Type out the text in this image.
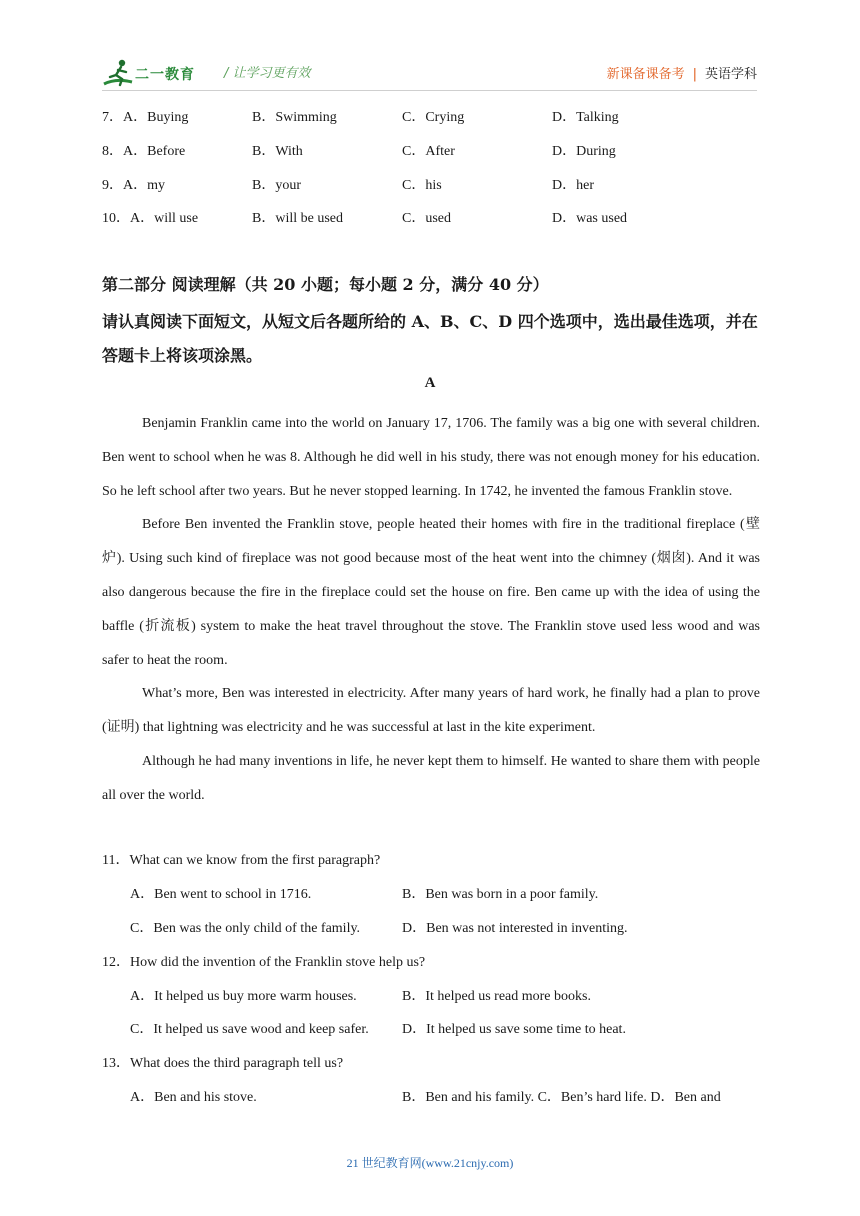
二一教育 / 让学习更有效	新课备课备考 | 英语学科
7．A．Buying	B．Swimming	C．Crying	D．Talking
8．A．Before	B．With	C．After	D．During
9．A．my	B．your	C．his	D．her
10．A．will use	B．will be used	C．used	D．was used
第二部分 阅读理解（共 20 小题；每小题 2 分，满分 40 分）
请认真阅读下面短文，从短文后各题所给的 A、B、C、D 四个选项中，选出最佳选项，并在答题卡上将该项涂黑。
A

Benjamin Franklin came into the world on January 17, 1706. The family was a big one with several children. Ben went to school when he was 8. Although he did well in his study, there was not enough money for his education. So he left school after two years. But he never stopped learning. In 1742, he invented the famous Franklin stove.

Before Ben invented the Franklin stove, people heated their homes with fire in the traditional fireplace (壁炉). Using such kind of fireplace was not good because most of the heat went into the chimney (烟囱). And it was also dangerous because the fire in the fireplace could set the house on fire. Ben came up with the idea of using the baffle (折流板) system to make the heat travel throughout the stove. The Franklin stove used less wood and was safer to heat the room.

What’s more, Ben was interested in electricity. After many years of hard work, he finally had a plan to prove (证明) that lightning was electricity and he was successful at last in the kite experiment.

Although he had many inventions in life, he never kept them to himself. He wanted to share them with people all over the world.

11．What can we know from the first paragraph?
A．Ben went to school in 1716.	B．Ben was born in a poor family.
C．Ben was the only child of the family.	D．Ben was not interested in inventing.
12．How did the invention of the Franklin stove help us?
A．It helped us buy more warm houses.	B．It helped us read more books.
C．It helped us save wood and keep safer. D．It helped us save some time to heat.
13．What does the third paragraph tell us?
A．Ben and his stove.	B．Ben and his family. C．Ben’s hard life. D．Ben and
21 世纪教育网(www.21cnjy.com)
